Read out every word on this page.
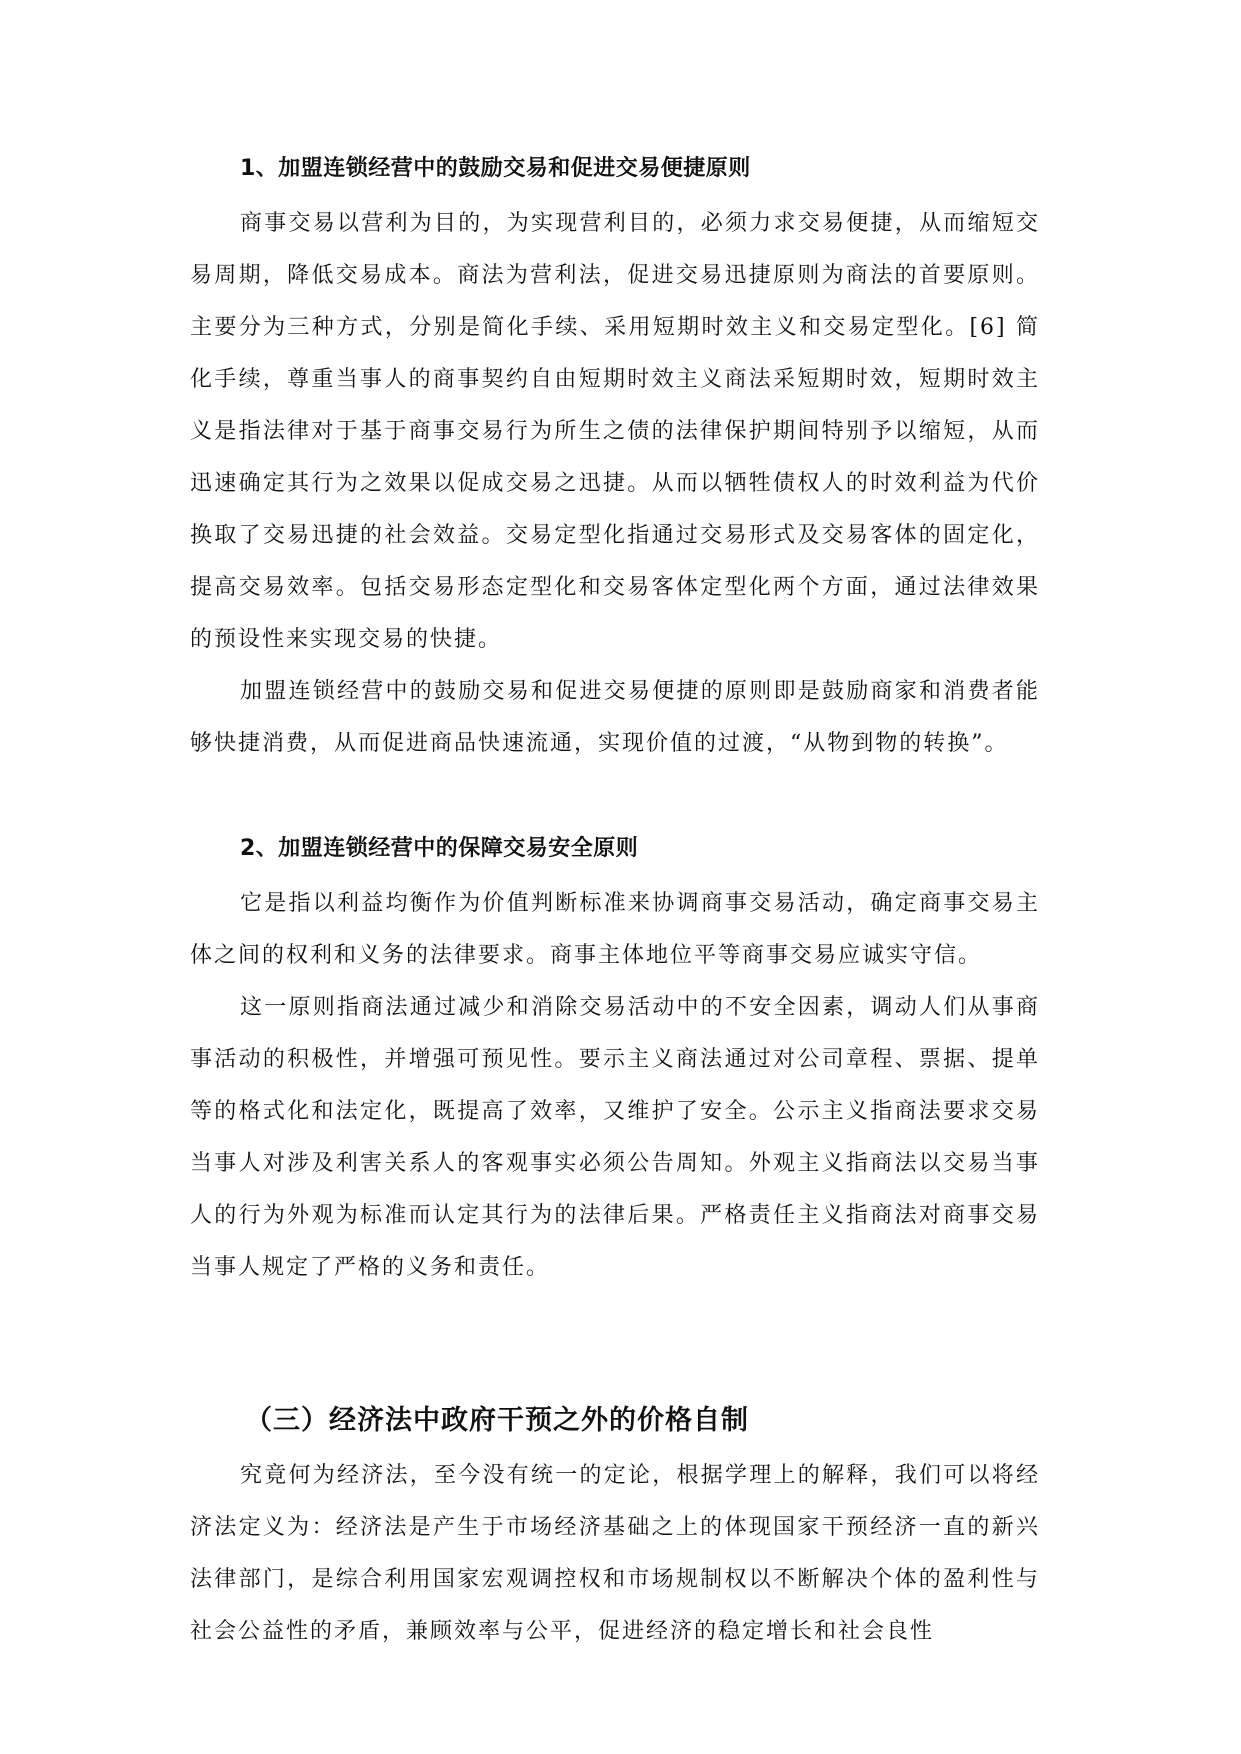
1、加盟连锁经营中的鼓励交易和促进交易便捷原则

商事交易以营利为目的，为实现营利目的，必须力求交易便捷，从而缩短交易周期，降低交易成本。商法为营利法，促进交易迅捷原则为商法的首要原则。主要分为三种方式，分别是简化手续、采用短期时效主义和交易定型化。[6] 简化手续，尊重当事人的商事契约自由短期时效主义商法采短期时效，短期时效主义是指法律对于基于商事交易行为所生之债的法律保护期间特别予以缩短，从而迅速确定其行为之效果以促成交易之迅捷。从而以牺牲债权人的时效利益为代价换取了交易迅捷的社会效益。交易定型化指通过交易形式及交易客体的固定化，提高交易效率。包括交易形态定型化和交易客体定型化两个方面，通过法律效果的预设性来实现交易的快捷。

加盟连锁经营中的鼓励交易和促进交易便捷的原则即是鼓励商家和消费者能够快捷消费，从而促进商品快速流通，实现价值的过渡，“从物到物的转换”。

2、加盟连锁经营中的保障交易安全原则

它是指以利益均衡作为价值判断标准来协调商事交易活动，确定商事交易主体之间的权利和义务的法律要求。商事主体地位平等商事交易应诚实守信。

这一原则指商法通过减少和消除交易活动中的不安全因素，调动人们从事商事活动的积极性，并增强可预见性。要示主义商法通过对公司章程、票据、提单等的格式化和法定化，既提高了效率，又维护了安全。公示主义指商法要求交易当事人对涉及利害关系人的客观事实必须公告周知。外观主义指商法以交易当事人的行为外观为标准而认定其行为的法律后果。严格责任主义指商法对商事交易当事人规定了严格的义务和责任。

（三）经济法中政府干预之外的价格自制

究竟何为经济法，至今没有统一的定论，根据学理上的解释，我们可以将经济法定义为：经济法是产生于市场经济基础之上的体现国家干预经济一直的新兴法律部门，是综合利用国家宏观调控权和市场规制权以不断解决个体的盈利性与社会公益性的矛盾，兼顾效率与公平，促进经济的稳定增长和社会良性
